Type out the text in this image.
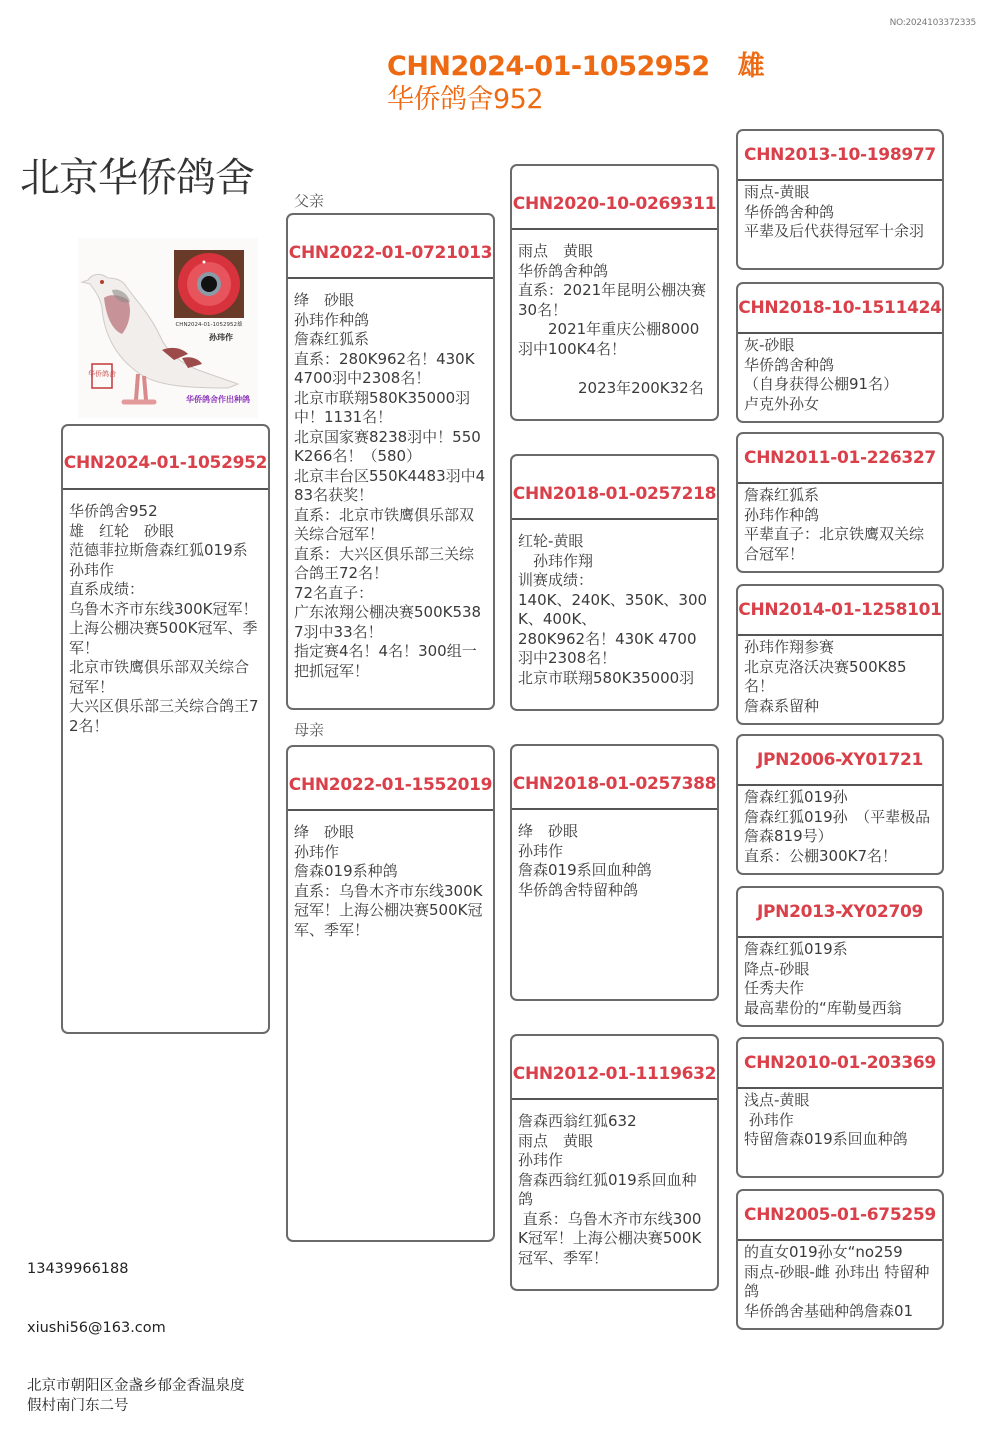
NO:2024103372335
CHN2024-01-1052952 雄
华侨鸽舍952
北京华侨鸽舍
华侨鸽舍
CHN2024-01-1052952雄
孙玮作
华侨鸽舍作出种鸽
父亲
母亲
CHN2024-01-1052952
华侨鸽舍952
雄　红轮　砂眼
范德菲拉斯詹森红狐019系
孙玮作
直系成绩：
乌鲁木齐市东线300K冠军！上海公棚决赛500K冠军、季军！
北京市铁鹰俱乐部双关综合冠军！
大兴区俱乐部三关综合鸽王72名！
CHN2022-01-0721013
绛　砂眼
孙玮作种鸽
詹森红狐系
直系：280K962名！430K 4700羽中2308名！
北京市联翔580K35000羽中！1131名！
北京国家赛8238羽中！550K266名！（580）
北京丰台区550K4483羽中483名获奖！
直系：北京市铁鹰俱乐部双关综合冠军！
直系：大兴区俱乐部三关综合鸽王72名！
72名直子：
广东浓翔公棚决赛500K5387羽中33名！
指定赛4名！4名！300组一把抓冠军！
CHN2022-01-1552019
绛　砂眼
孙玮作
詹森019系种鸽
直系：乌鲁木齐市东线300K冠军！上海公棚决赛500K冠军、季军！
CHN2020-10-0269311
雨点　黄眼
华侨鸽舍种鸽
直系：2021年昆明公棚决赛30名！
　　2021年重庆公棚8000羽中100K4名！

　　　　2023年200K32名
CHN2018-01-0257218
红轮-黄眼
　孙玮作翔
训赛成绩：
140K、240K、350K、300K、400K、
280K962名！430K 4700羽中2308名！
北京市联翔580K35000羽
CHN2018-01-0257388
绛　砂眼
孙玮作
詹森019系回血种鸽
华侨鸽舍特留种鸽
CHN2012-01-1119632
詹森西翁红狐632
雨点　黄眼
孙玮作
詹森西翁红狐019系回血种鸽
直系：乌鲁木齐市东线300K冠军！上海公棚决赛500K冠军、季军！
CHN2013-10-198977
雨点-黄眼
华侨鸽舍种鸽
平辈及后代获得冠军十余羽
CHN2018-10-1511424
灰-砂眼
华侨鸽舍种鸽
（自身获得公棚91名）
卢克外孙女
CHN2011-01-226327
詹森红狐系
孙玮作种鸽
平辈直子：北京铁鹰双关综合冠军！
CHN2014-01-1258101
孙玮作翔参赛
北京克洛沃决赛500K85名！
詹森系留种
JPN2006-XY01721
詹森红狐019孙
詹森红狐019孙　（平辈极品詹森819号）
直系：公棚300K7名！
JPN2013-XY02709
詹森红狐019系
降点-砂眼
任秀夫作
最高辈份的“库勒曼西翁
CHN2010-01-203369
浅点-黄眼
孙玮作
特留詹森019系回血种鸽
CHN2005-01-675259
的直女019孙女“no259
雨点-砂眼-雌 孙玮出 特留种鸽
华侨鸽舍基础种鸽詹森01

13439966188

xiushi56@163.com

北京市朝阳区金盏乡郁金香温泉度假村南门东二号
